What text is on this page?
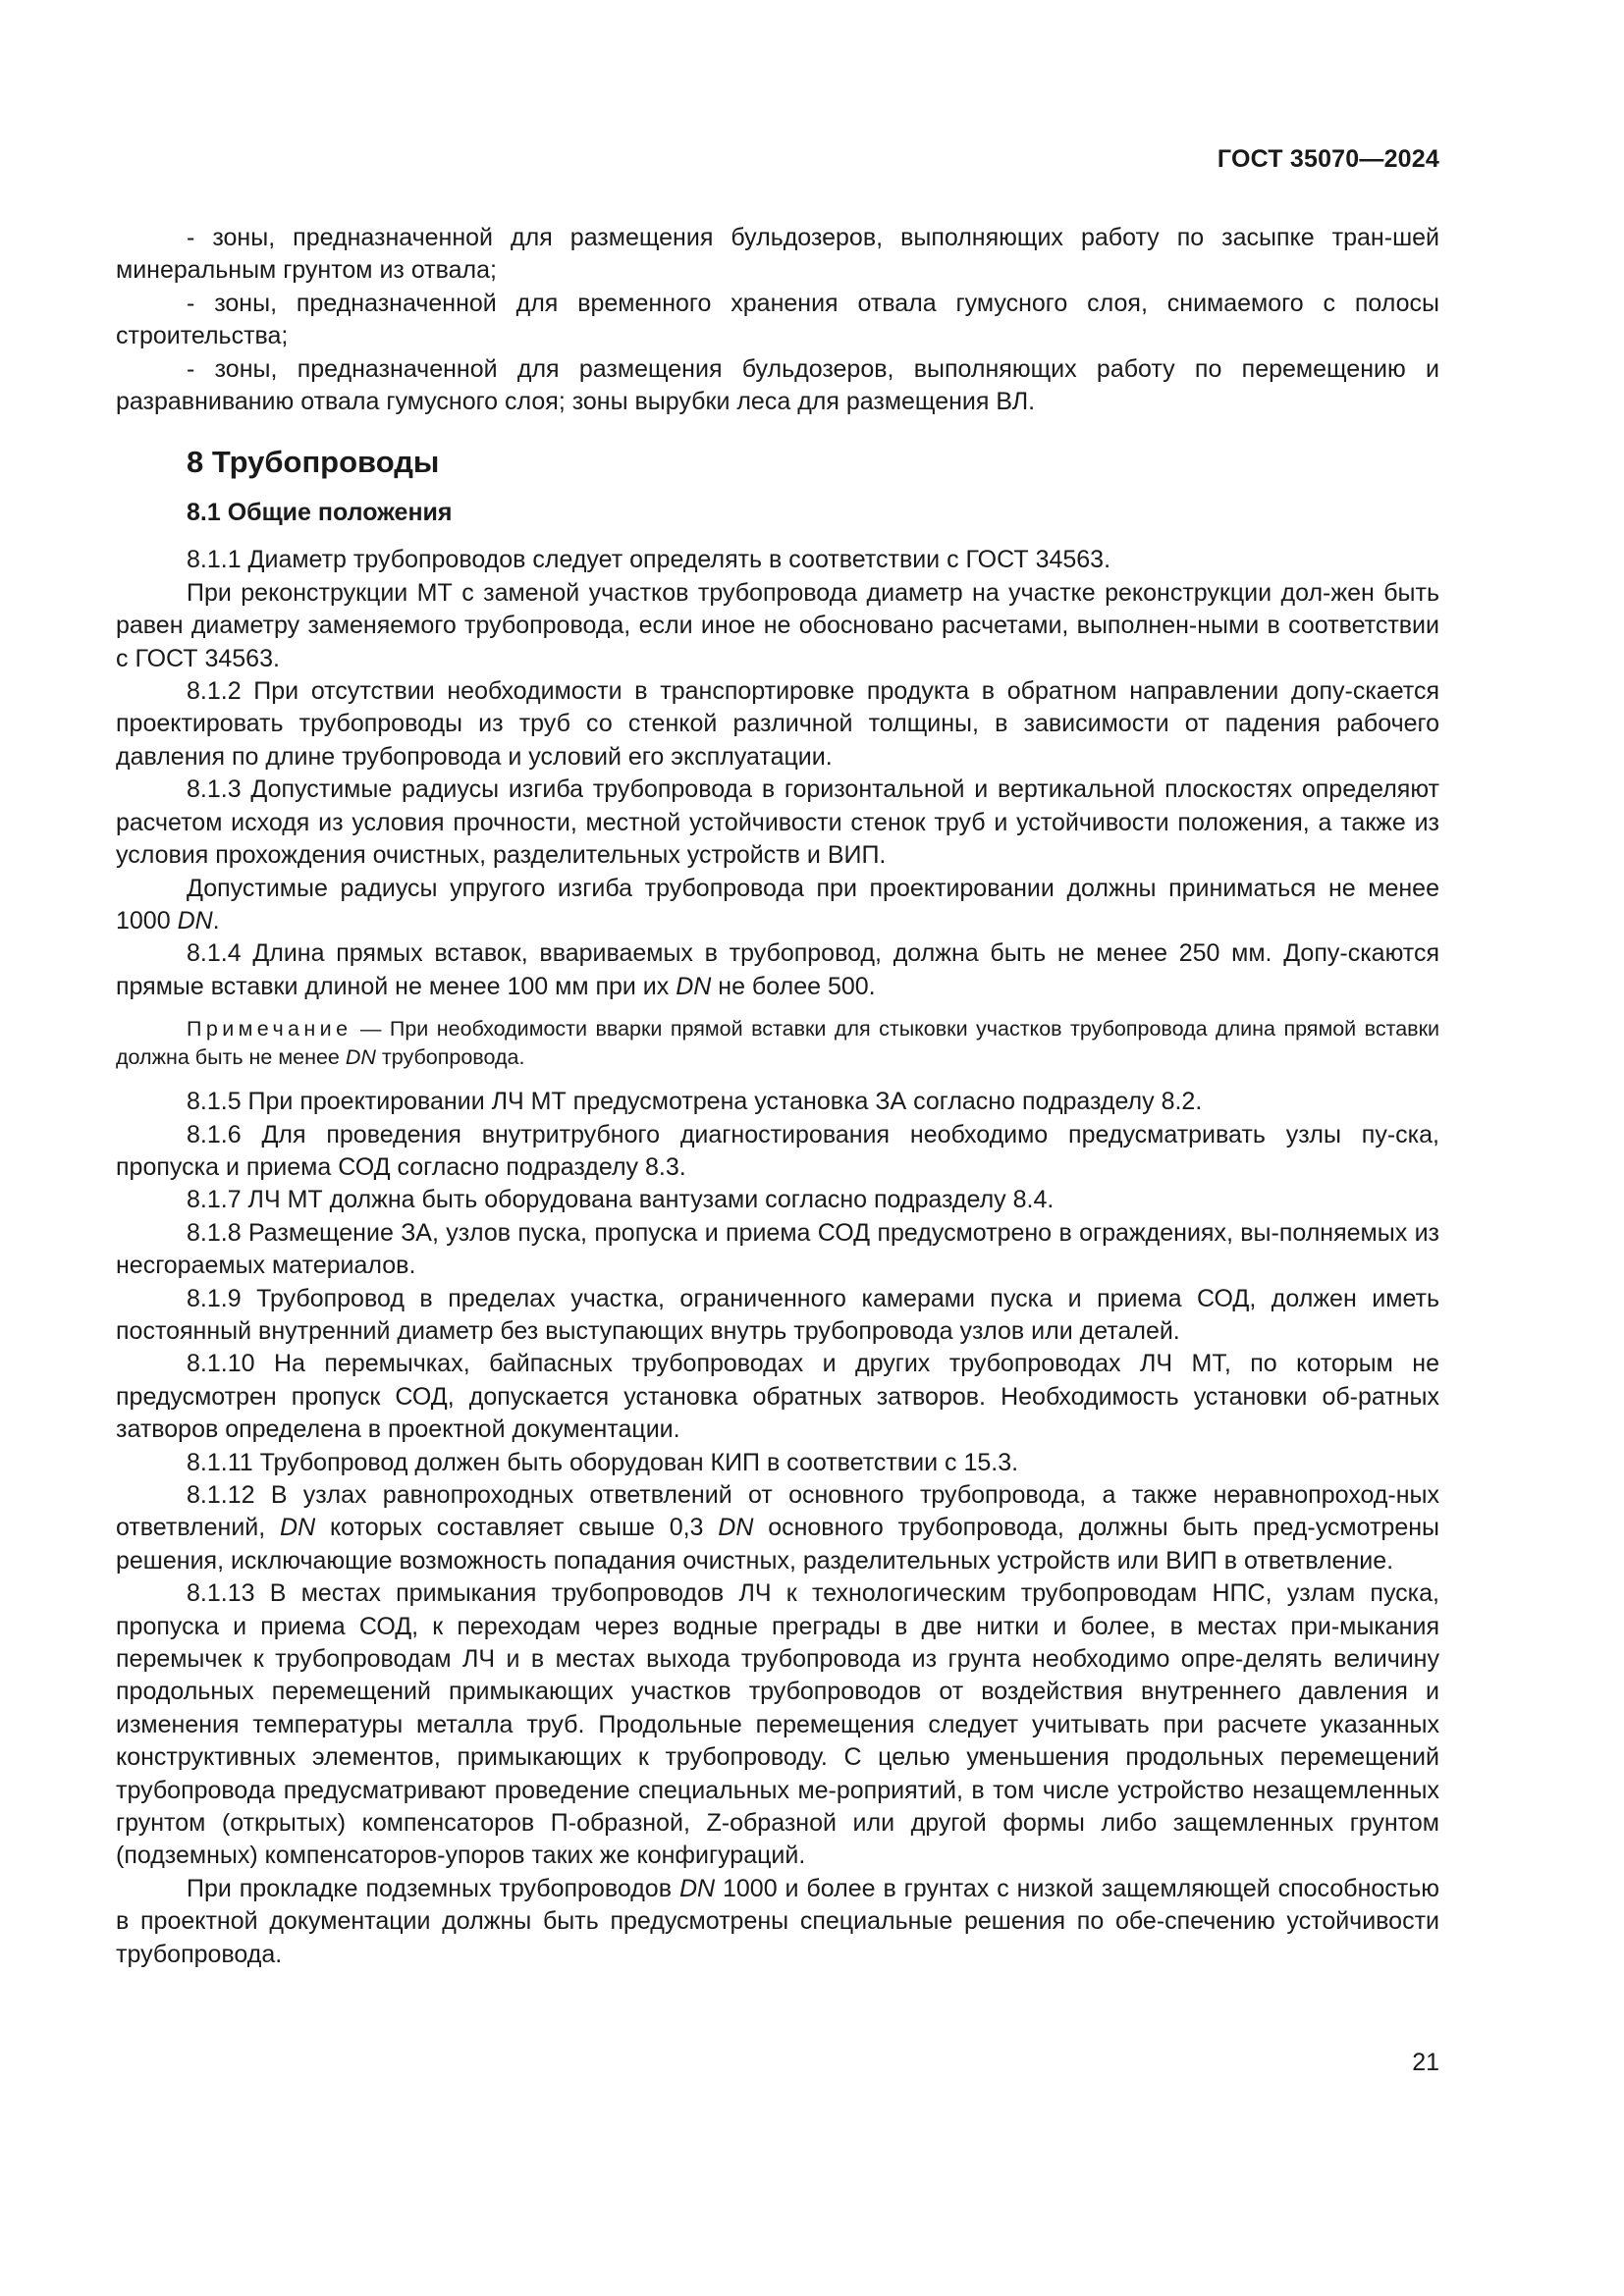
ГОСТ 35070—2024

- зоны, предназначенной для размещения бульдозеров, выполняющих работу по засыпке тран-шей минеральным грунтом из отвала;

- зоны, предназначенной для временного хранения отвала гумусного слоя, снимаемого с полосы строительства;

- зоны, предназначенной для размещения бульдозеров, выполняющих работу по перемещению и разравниванию отвала гумусного слоя; зоны вырубки леса для размещения ВЛ.

8 Трубопроводы
8.1 Общие положения

8.1.1 Диаметр трубопроводов следует определять в соответствии с ГОСТ 34563.

При реконструкции МТ с заменой участков трубопровода диаметр на участке реконструкции дол-жен быть равен диаметру заменяемого трубопровода, если иное не обосновано расчетами, выполнен-ными в соответствии с ГОСТ 34563.

8.1.2 При отсутствии необходимости в транспортировке продукта в обратном направлении допу-скается проектировать трубопроводы из труб со стенкой различной толщины, в зависимости от падения рабочего давления по длине трубопровода и условий его эксплуатации.

8.1.3 Допустимые радиусы изгиба трубопровода в горизонтальной и вертикальной плоскостях определяют расчетом исходя из условия прочности, местной устойчивости стенок труб и устойчивости положения, а также из условия прохождения очистных, разделительных устройств и ВИП.

Допустимые радиусы упругого изгиба трубопровода при проектировании должны приниматься не менее 1000 DN.

8.1.4 Длина прямых вставок, ввариваемых в трубопровод, должна быть не менее 250 мм. Допу-скаются прямые вставки длиной не менее 100 мм при их DN не более 500.

Примечание — При необходимости вварки прямой вставки для стыковки участков трубопровода длина прямой вставки должна быть не менее DN трубопровода.

8.1.5 При проектировании ЛЧ МТ предусмотрена установка ЗА согласно подразделу 8.2.

8.1.6 Для проведения внутритрубного диагностирования необходимо предусматривать узлы пу-ска, пропуска и приема СОД согласно подразделу 8.3.

8.1.7 ЛЧ МТ должна быть оборудована вантузами согласно подразделу 8.4.

8.1.8 Размещение ЗА, узлов пуска, пропуска и приема СОД предусмотрено в ограждениях, вы-полняемых из несгораемых материалов.

8.1.9 Трубопровод в пределах участка, ограниченного камерами пуска и приема СОД, должен иметь постоянный внутренний диаметр без выступающих внутрь трубопровода узлов или деталей.

8.1.10 На перемычках, байпасных трубопроводах и других трубопроводах ЛЧ МТ, по которым не предусмотрен пропуск СОД, допускается установка обратных затворов. Необходимость установки об-ратных затворов определена в проектной документации.

8.1.11 Трубопровод должен быть оборудован КИП в соответствии с 15.3.

8.1.12 В узлах равнопроходных ответвлений от основного трубопровода, а также неравнопроход-ных ответвлений, DN которых составляет свыше 0,3 DN основного трубопровода, должны быть пред-усмотрены решения, исключающие возможность попадания очистных, разделительных устройств или ВИП в ответвление.

8.1.13 В местах примыкания трубопроводов ЛЧ к технологическим трубопроводам НПС, узлам пуска, пропуска и приема СОД, к переходам через водные преграды в две нитки и более, в местах при-мыкания перемычек к трубопроводам ЛЧ и в местах выхода трубопровода из грунта необходимо опре-делять величину продольных перемещений примыкающих участков трубопроводов от воздействия внутреннего давления и изменения температуры металла труб. Продольные перемещения следует учитывать при расчете указанных конструктивных элементов, примыкающих к трубопроводу. С целью уменьшения продольных перемещений трубопровода предусматривают проведение специальных ме-роприятий, в том числе устройство незащемленных грунтом (открытых) компенсаторов П-образной, Z-образной или другой формы либо защемленных грунтом (подземных) компенсаторов-упоров таких же конфигураций.

При прокладке подземных трубопроводов DN 1000 и более в грунтах с низкой защемляющей способностью в проектной документации должны быть предусмотрены специальные решения по обе-спечению устойчивости трубопровода.

21
